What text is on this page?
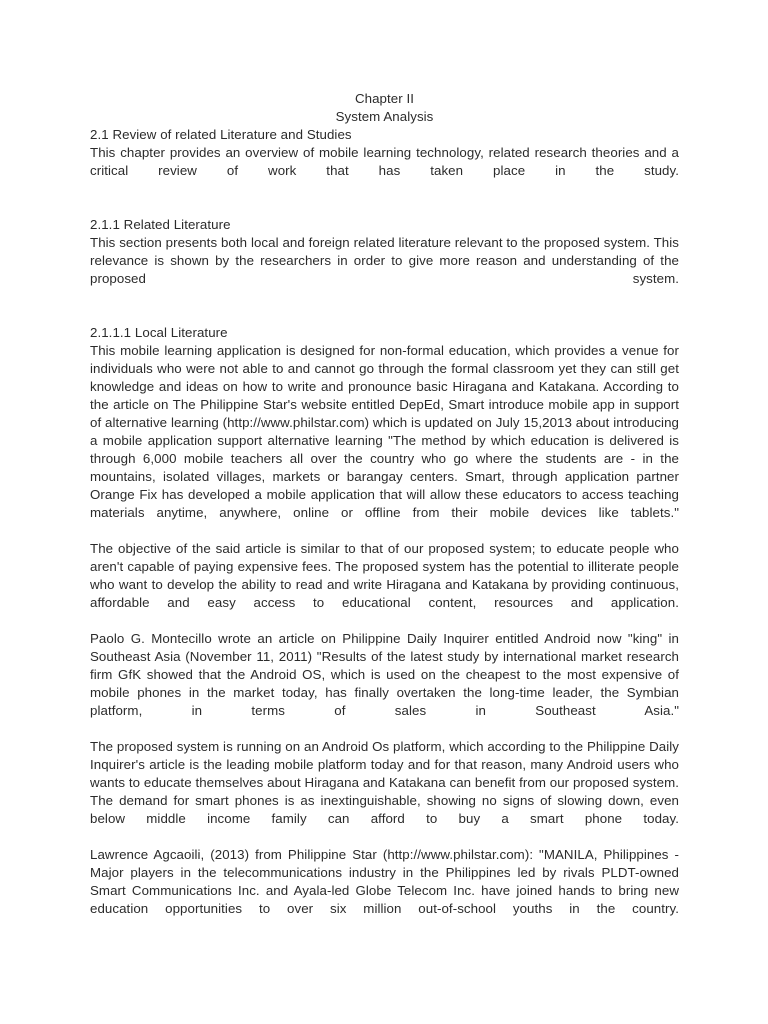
Chapter II
System Analysis
2.1 Review of related Literature and Studies

This chapter provides an overview of mobile learning technology, related research theories and a critical review of work that has taken place in the study.

2.1.1 Related Literature

This section presents both local and foreign related literature relevant to the proposed system. This relevance is shown by the researchers in order to give more reason and understanding of the proposed system.

2.1.1.1 Local Literature

This mobile learning application is designed for non-formal education, which provides a venue for individuals who were not able to and cannot go through the formal classroom yet they can still get knowledge and ideas on how to write and pronounce basic Hiragana and Katakana. According to the article on The Philippine Star's website entitled DepEd, Smart introduce mobile app in support of alternative learning (http://www.philstar.com) which is updated on July 15,2013 about introducing a mobile application support alternative learning "The method by which education is delivered is through 6,000 mobile teachers all over the country who go where the students are - in the mountains, isolated villages, markets or barangay centers. Smart, through application partner Orange Fix has developed a mobile application that will allow these educators to access teaching materials anytime, anywhere, online or offline from their mobile devices like tablets."

The objective of the said article is similar to that of our proposed system; to educate people who aren't capable of paying expensive fees. The proposed system has the potential to illiterate people who want to develop the ability to read and write Hiragana and Katakana by providing continuous, affordable and easy access to educational content, resources and application.

Paolo G. Montecillo wrote an article on Philippine Daily Inquirer entitled Android now "king" in Southeast Asia (November 11, 2011) "Results of the latest study by international market research firm GfK showed that the Android OS, which is used on the cheapest to the most expensive of mobile phones in the market today, has finally overtaken the long-time leader, the Symbian platform, in terms of sales in Southeast Asia."

The proposed system is running on an Android Os platform, which according to the Philippine Daily Inquirer's article is the leading mobile platform today and for that reason, many Android users who wants to educate themselves about Hiragana and Katakana can benefit from our proposed system. The demand for smart phones is as inextinguishable, showing no signs of slowing down, even below middle income family can afford to buy a smart phone today.

Lawrence Agcaoili, (2013) from Philippine Star (http://www.philstar.com): "MANILA, Philippines - Major players in the telecommunications industry in the Philippines led by rivals PLDT-owned Smart Communications Inc. and Ayala-led Globe Telecom Inc. have joined hands to bring new education opportunities to over six million out-of-school youths in the country.
